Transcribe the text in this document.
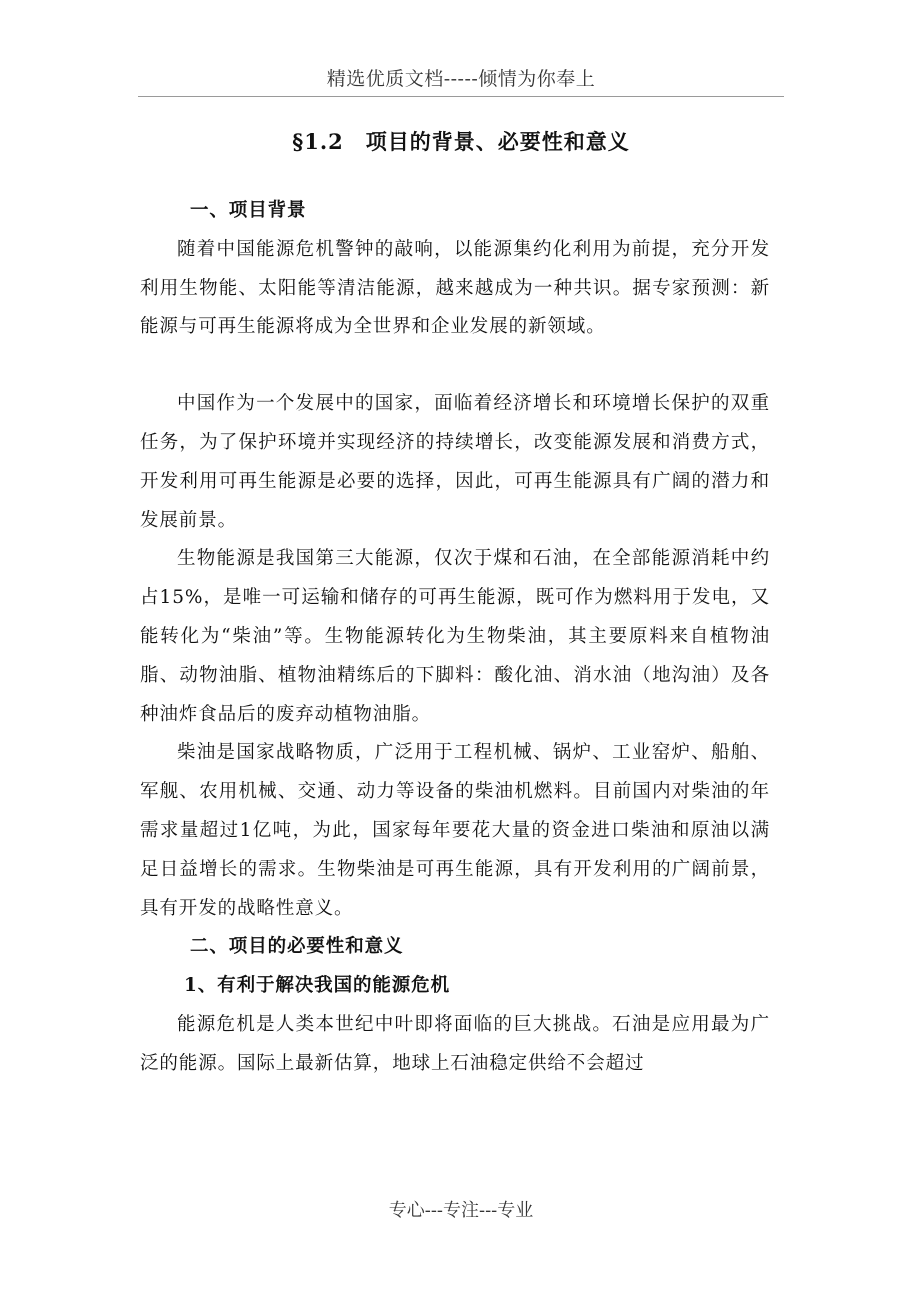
精选优质文档-----倾情为你奉上
§1.2　项目的背景、必要性和意义
一、项目背景

随着中国能源危机警钟的敲响，以能源集约化利用为前提，充分开发利用生物能、太阳能等清洁能源，越来越成为一种共识。据专家预测：新能源与可再生能源将成为全世界和企业发展的新领域。

中国作为一个发展中的国家，面临着经济增长和环境增长保护的双重任务，为了保护环境并实现经济的持续增长，改变能源发展和消费方式，开发利用可再生能源是必要的选择，因此，可再生能源具有广阔的潜力和发展前景。

生物能源是我国第三大能源，仅次于煤和石油，在全部能源消耗中约占15%，是唯一可运输和储存的可再生能源，既可作为燃料用于发电，又能转化为“柴油”等。生物能源转化为生物柴油，其主要原料来自植物油脂、动物油脂、植物油精练后的下脚料：酸化油、消水油（地沟油）及各种油炸食品后的废弃动植物油脂。

柴油是国家战略物质，广泛用于工程机械、锅炉、工业窑炉、船舶、军舰、农用机械、交通、动力等设备的柴油机燃料。目前国内对柴油的年需求量超过1亿吨，为此，国家每年要花大量的资金进口柴油和原油以满足日益增长的需求。生物柴油是可再生能源，具有开发利用的广阔前景，具有开发的战略性意义。

二、项目的必要性和意义
1、有利于解决我国的能源危机

能源危机是人类本世纪中叶即将面临的巨大挑战。石油是应用最为广泛的能源。国际上最新估算，地球上石油稳定供给不会超过

专心---专注---专业
